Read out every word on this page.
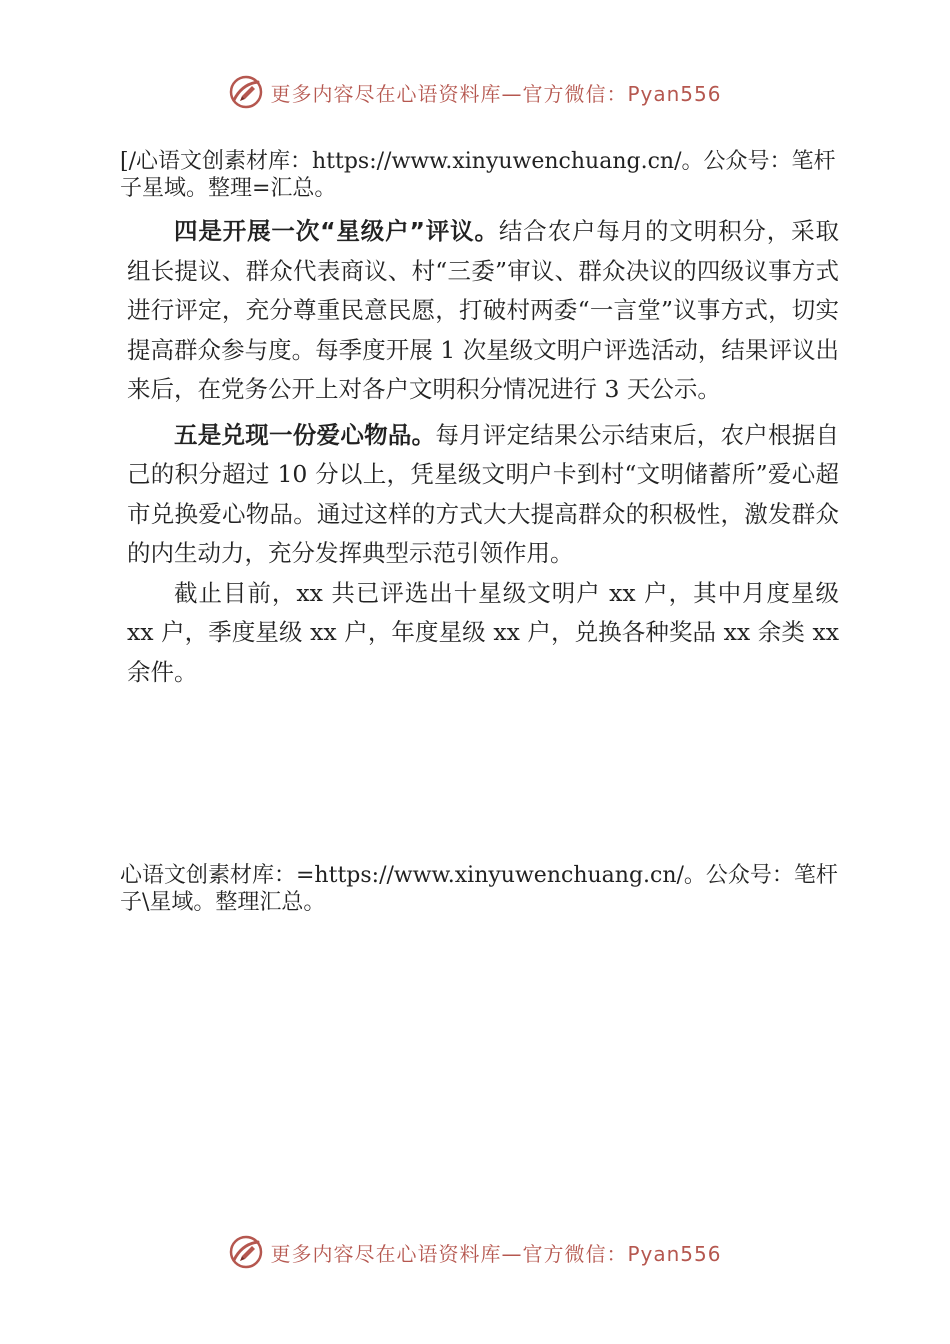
更多内容尽在心语资料库—官方微信：Pyan556
[/心语文创素材库：https://www.xinyuwenchuang.cn/。公众号：笔杆子星域。整理=汇总。

四是开展一次“星级户”评议。结合农户每月的文明积分，采取组长提议、群众代表商议、村“三委”审议、群众决议的四级议事方式进行评定，充分尊重民意民愿，打破村两委“一言堂”议事方式，切实提高群众参与度。每季度开展 1 次星级文明户评选活动，结果评议出来后，在党务公开上对各户文明积分情况进行 3 天公示。

五是兑现一份爱心物品。每月评定结果公示结束后，农户根据自己的积分超过 10 分以上，凭星级文明户卡到村“文明储蓄所”爱心超市兑换爱心物品。通过这样的方式大大提高群众的积极性，激发群众的内生动力，充分发挥典型示范引领作用。

截止目前，xx 共已评选出十星级文明户 xx 户，其中月度星级 xx 户，季度星级 xx 户，年度星级 xx 户，兑换各种奖品 xx 余类 xx 余件。

心语文创素材库：=https://www.xinyuwenchuang.cn/。公众号：笔杆子\星域。整理汇总。
更多内容尽在心语资料库—官方微信：Pyan556
